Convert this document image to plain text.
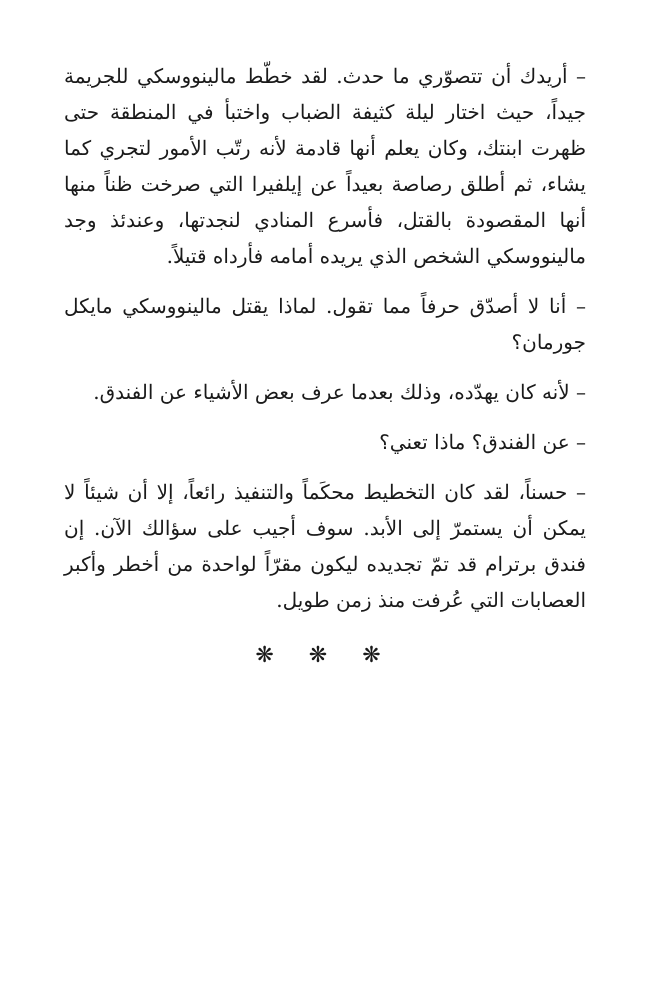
– أريدك أن تتصوّري ما حدث. لقد خطّط مالينووسكي للجريمة جيداً، حيث اختار ليلة كثيفة الضباب واختبأ في المنطقة حتى ظهرت ابنتك، وكان يعلم أنها قادمة لأنه رتّب الأمور لتجري كما يشاء، ثم أطلق رصاصة بعيداً عن إيلفيرا التي صرخت ظناً منها أنها المقصودة بالقتل، فأسرع المنادي لنجدتها، وعندئذ وجد مالينووسكي الشخص الذي يريده أمامه فأرداه قتيلاً.

– أنا لا أصدّق حرفاً مما تقول. لماذا يقتل مالينووسكي مايكل جورمان؟

– لأنه كان يهدّده، وذلك بعدما عرف بعض الأشياء عن الفندق.

– عن الفندق؟ ماذا تعني؟

– حسناً، لقد كان التخطيط محكَماً والتنفيذ رائعاً، إلا أن شيئاً لا يمكن أن يستمرّ إلى الأبد. سوف أجيب على سؤالك الآن. إن فندق برترام قد تمّ تجديده ليكون مقرّاً لواحدة من أخطر وأكبر العصابات التي عُرفت منذ زمن طويل.

❋ ❋ ❋
